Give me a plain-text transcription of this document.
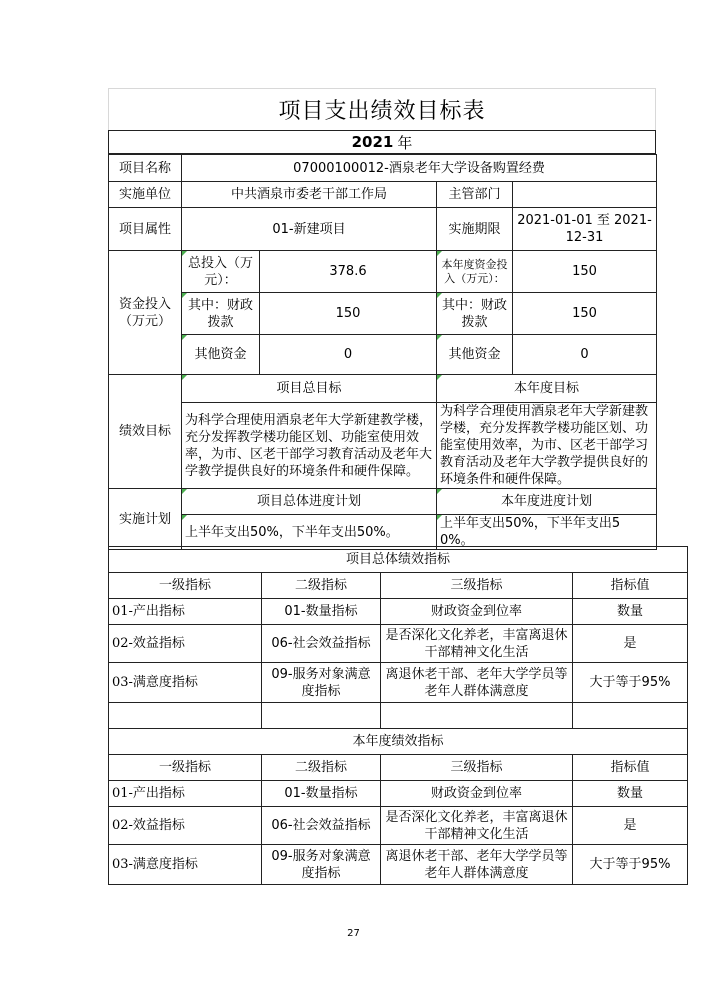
项目支出绩效目标表
2021 年
项目名称	07000100012-酒泉老年大学设备购置经费			
实施单位	中共酒泉市委老干部工作局		主管部门	
项目属性	01-新建项目		实施期限	2021-01-01 至 2021-12-31
资金投入（万元）	总投入（万元）：	378.6	本年度资金投入（万元）：	150
	其中：财政拨款	150	其中：财政拨款	150
	其他资金	0	其他资金	0
绩效目标	项目总目标		本年度目标	
	为科学合理使用酒泉老年大学新建教学楼，充分发挥教学楼功能区划、功能室使用效率，为市、区老干部学习教育活动及老年大学教学提供良好的环境条件和硬件保障。		为科学合理使用酒泉老年大学新建教学楼，充分发挥教学楼功能区划、功能室使用效率，为市、区老干部学习教育活动及老年大学教学提供良好的环境条件和硬件保障。	
实施计划	项目总体进度计划		本年度进度计划	
	上半年支出50%，下半年支出50%。		上半年支出50%，下半年支出50%。	
项目总体绩效指标			
一级指标	二级指标	三级指标	指标值
01-产出指标	01-数量指标	财政资金到位率	数量
02-效益指标	06-社会效益指标	是否深化文化养老，丰富离退休干部精神文化生活	是
03-满意度指标	09-服务对象满意度指标	离退休老干部、老年大学学员等老年人群体满意度	大于等于95%

本年度绩效指标			
一级指标	二级指标	三级指标	指标值
01-产出指标	01-数量指标	财政资金到位率	数量
02-效益指标	06-社会效益指标	是否深化文化养老，丰富离退休干部精神文化生活	是
03-满意度指标	09-服务对象满意度指标	离退休老干部、老年大学学员等老年人群体满意度	大于等于95%
27
